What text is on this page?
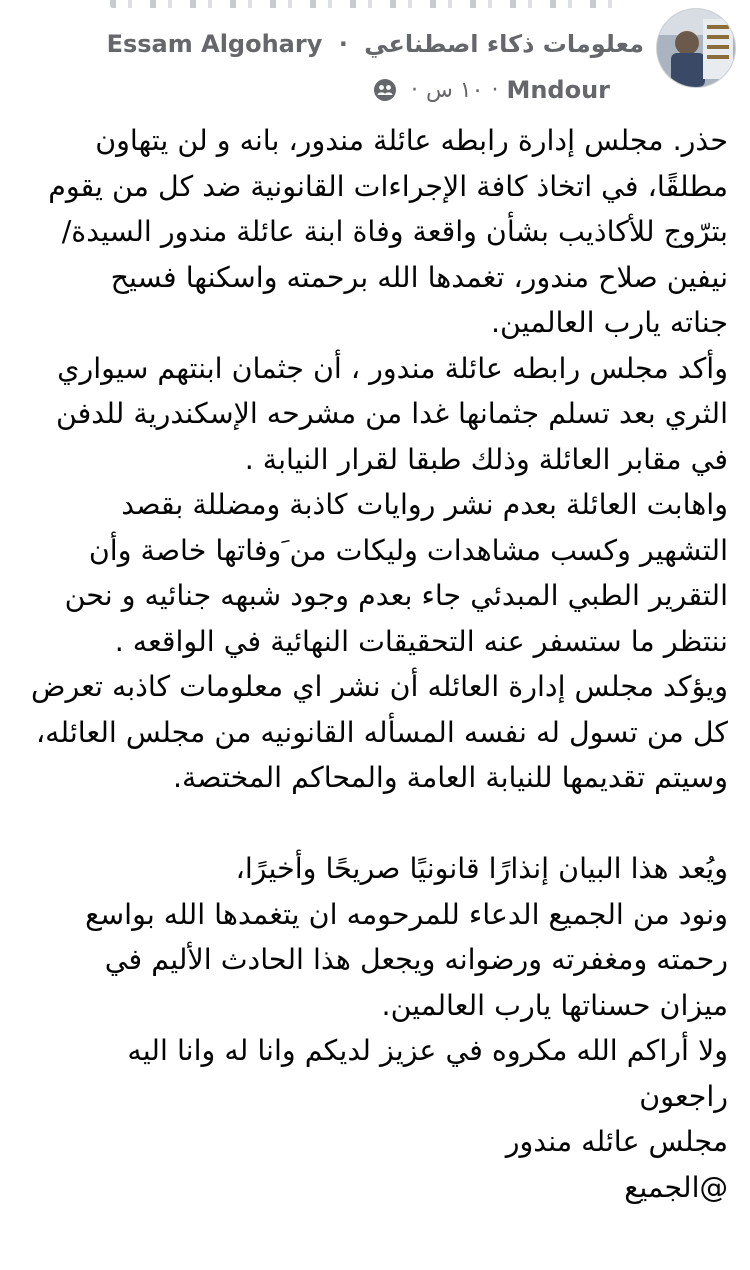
معلومات ذكاء اصطناعي · Essam Algohary
Mndour
·
١٠ س
·

حذر. مجلس إدارة رابطه عائلة مندور، بانه و لن يتهاون

مطلقًا، في اتخاذ كافة الإجراءات القانونية ضد كل من يقوم

بترّوج للأكاذيب بشأن واقعة وفاة ابنة عائلة مندور السيدة/

نيفين صلاح مندور، تغمدها الله برحمته واسكنها فسيح

جناته يارب العالمين.

وأكد مجلس رابطه عائلة مندور ، أن جثمان ابنتهم سيواري

الثري بعد تسلم جثمانها غدا من مشرحه الإسكندرية للدفن

في مقابر العائلة وذلك طبقا لقرار النيابة .

واهابت العائلة بعدم نشر روايات كاذبة ومضللة بقصد

التشهير وكسب مشاهدات وليكات من َوفاتها خاصة وأن

التقرير الطبي المبدئي جاء بعدم وجود شبهه جنائيه و نحن

ننتظر ما ستسفر عنه التحقيقات النهائية في الواقعه .

ويؤكد مجلس إدارة العائله أن نشر اي معلومات كاذبه تعرض

كل من تسول له نفسه المسأله القانونيه من مجلس العائله،

وسيتم تقديمها للنيابة العامة والمحاكم المختصة.

ويُعد هذا البيان إنذارًا قانونيًا صريحًا وأخيرًا،

ونود من الجميع الدعاء للمرحومه ان يتغمدها الله بواسع

رحمته ومغفرته ورضوانه ويجعل هذا الحادث الأليم في

ميزان حسناتها يارب العالمين.

ولا أراكم الله مكروه في عزيز لديكم وانا له وانا اليه

راجعون

مجلس عائله مندور

@الجميع
